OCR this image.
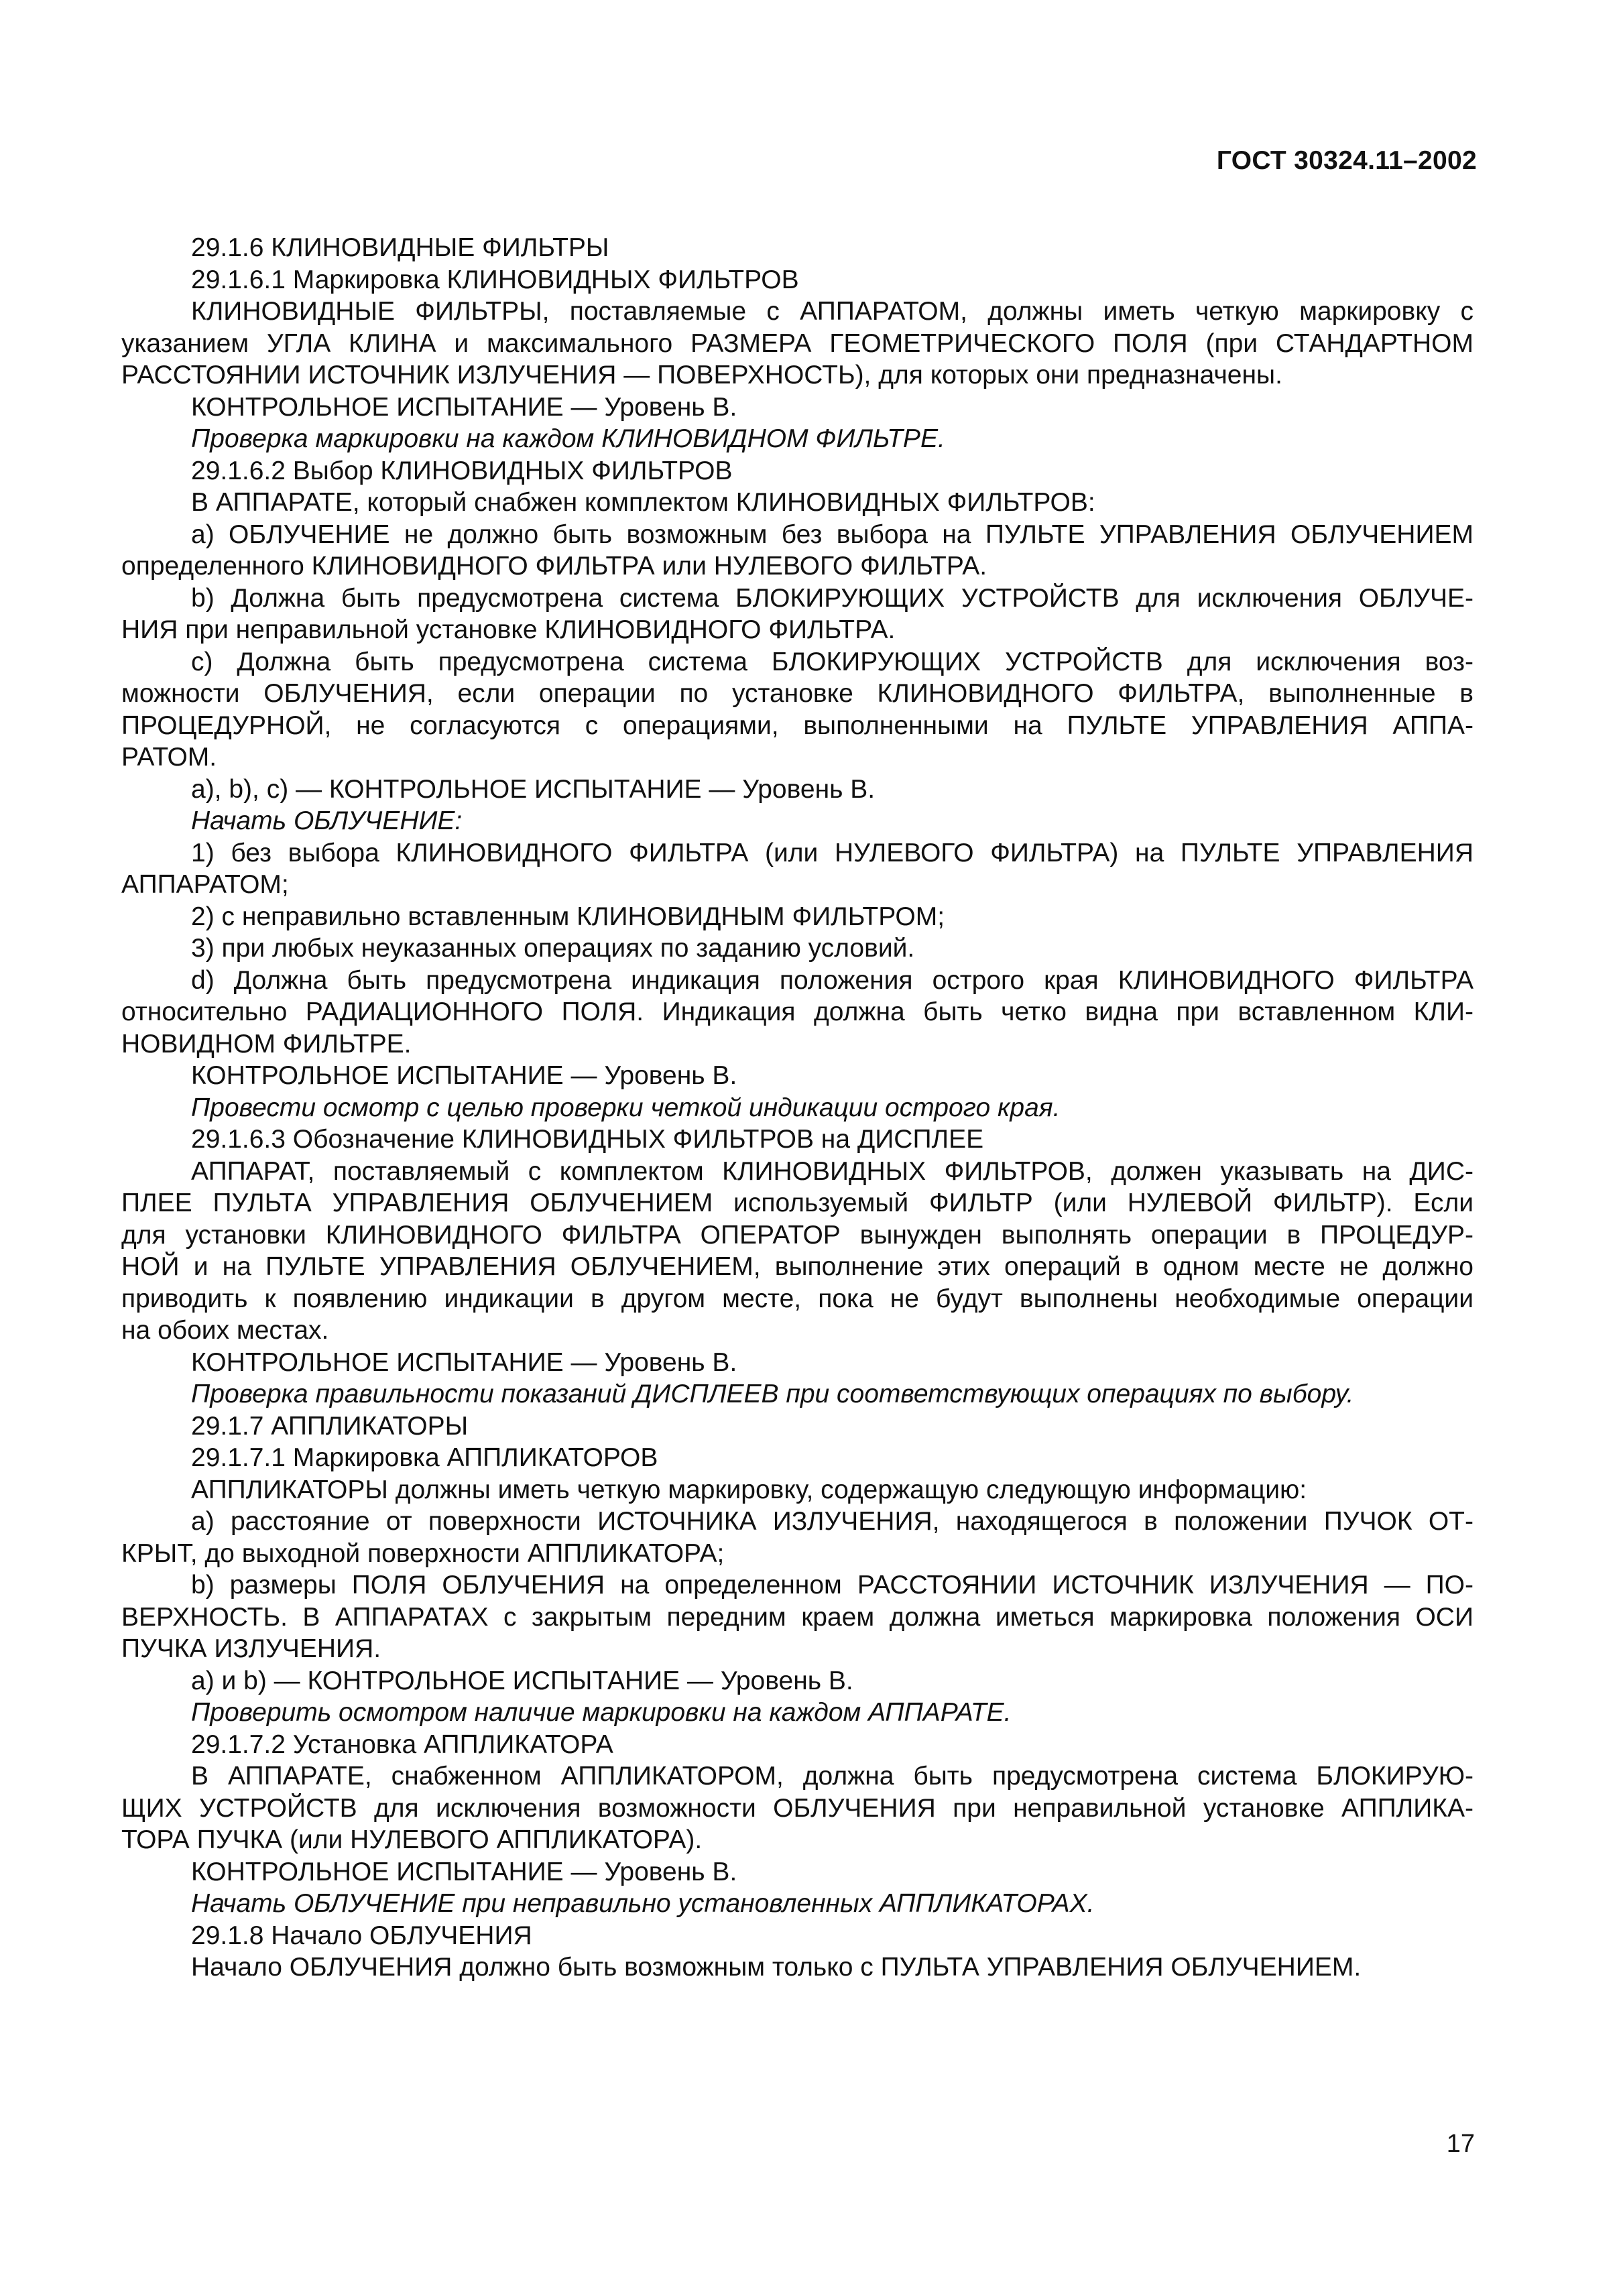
ГОСТ 30324.11–2002
29.1.6 КЛИНОВИДНЫЕ ФИЛЬТРЫ
29.1.6.1 Маркировка КЛИНОВИДНЫХ ФИЛЬТРОВ
КЛИНОВИДНЫЕ ФИЛЬТРЫ, поставляемые с АППАРАТОМ, должны иметь четкую маркировку с
указанием УГЛА КЛИНА и максимального РАЗМЕРА ГЕОМЕТРИЧЕСКОГО ПОЛЯ (при СТАНДАРТНОМ
РАССТОЯНИИ ИСТОЧНИК ИЗЛУЧЕНИЯ — ПОВЕРХНОСТЬ), для которых они предназначены.
КОНТРОЛЬНОЕ ИСПЫТАНИЕ — Уровень В.
Проверка маркировки на каждом КЛИНОВИДНОМ ФИЛЬТРЕ.
29.1.6.2 Выбор КЛИНОВИДНЫХ ФИЛЬТРОВ
В АППАРАТЕ, который снабжен комплектом КЛИНОВИДНЫХ ФИЛЬТРОВ:
а) ОБЛУЧЕНИЕ не должно быть возможным без выбора на ПУЛЬТЕ УПРАВЛЕНИЯ ОБЛУЧЕНИЕМ
определенного КЛИНОВИДНОГО ФИЛЬТРА или НУЛЕВОГО ФИЛЬТРА.
b) Должна быть предусмотрена система БЛОКИРУЮЩИХ УСТРОЙСТВ для исключения ОБЛУЧЕ-
НИЯ при неправильной установке КЛИНОВИДНОГО ФИЛЬТРА.
с) Должна быть предусмотрена система БЛОКИРУЮЩИХ УСТРОЙСТВ для исключения воз-
можности ОБЛУЧЕНИЯ, если операции по установке КЛИНОВИДНОГО ФИЛЬТРА, выполненные в
ПРОЦЕДУРНОЙ, не согласуются с операциями, выполненными на ПУЛЬТЕ УПРАВЛЕНИЯ АППА-
РАТОМ.
а), b), с) — КОНТРОЛЬНОЕ ИСПЫТАНИЕ — Уровень В.
Начать ОБЛУЧЕНИЕ:
1) без выбора КЛИНОВИДНОГО ФИЛЬТРА (или НУЛЕВОГО ФИЛЬТРА) на ПУЛЬТЕ УПРАВЛЕНИЯ
АППАРАТОМ;
2) с неправильно вставленным КЛИНОВИДНЫМ ФИЛЬТРОМ;
3) при любых неуказанных операциях по заданию условий.
d) Должна быть предусмотрена индикация положения острого края КЛИНОВИДНОГО ФИЛЬТРА
относительно РАДИАЦИОННОГО ПОЛЯ. Индикация должна быть четко видна при вставленном КЛИ-
НОВИДНОМ ФИЛЬТРЕ.
КОНТРОЛЬНОЕ ИСПЫТАНИЕ — Уровень В.
Провести осмотр с целью проверки четкой индикации острого края.
29.1.6.3 Обозначение КЛИНОВИДНЫХ ФИЛЬТРОВ на ДИСПЛЕЕ
АППАРАТ, поставляемый с комплектом КЛИНОВИДНЫХ ФИЛЬТРОВ, должен указывать на ДИС-
ПЛЕЕ ПУЛЬТА УПРАВЛЕНИЯ ОБЛУЧЕНИЕМ используемый ФИЛЬТР (или НУЛЕВОЙ ФИЛЬТР). Если
для установки КЛИНОВИДНОГО ФИЛЬТРА ОПЕРАТОР вынужден выполнять операции в ПРОЦЕДУР-
НОЙ и на ПУЛЬТЕ УПРАВЛЕНИЯ ОБЛУЧЕНИЕМ, выполнение этих операций в одном месте не должно
приводить к появлению индикации в другом месте, пока не будут выполнены необходимые операции
на обоих местах.
КОНТРОЛЬНОЕ ИСПЫТАНИЕ — Уровень В.
Проверка правильности показаний ДИСПЛЕЕВ при соответствующих операциях по выбору.
29.1.7 АППЛИКАТОРЫ
29.1.7.1 Маркировка АППЛИКАТОРОВ
АППЛИКАТОРЫ должны иметь четкую маркировку, содержащую следующую информацию:
а) расстояние от поверхности ИСТОЧНИКА ИЗЛУЧЕНИЯ, находящегося в положении ПУЧОК ОТ-
КРЫТ, до выходной поверхности АППЛИКАТОРА;
b) размеры ПОЛЯ ОБЛУЧЕНИЯ на определенном РАССТОЯНИИ ИСТОЧНИК ИЗЛУЧЕНИЯ — ПО-
ВЕРХНОСТЬ. В АППАРАТАХ с закрытым передним краем должна иметься маркировка положения ОСИ
ПУЧКА ИЗЛУЧЕНИЯ.
а) и b) — КОНТРОЛЬНОЕ ИСПЫТАНИЕ — Уровень В.
Проверить осмотром наличие маркировки на каждом АППАРАТЕ.
29.1.7.2 Установка АППЛИКАТОРА
В АППАРАТЕ, снабженном АППЛИКАТОРОМ, должна быть предусмотрена система БЛОКИРУЮ-
ЩИХ УСТРОЙСТВ для исключения возможности ОБЛУЧЕНИЯ при неправильной установке АППЛИКА-
ТОРА ПУЧКА (или НУЛЕВОГО АППЛИКАТОРА).
КОНТРОЛЬНОЕ ИСПЫТАНИЕ — Уровень В.
Начать ОБЛУЧЕНИЕ при неправильно установленных АППЛИКАТОРАХ.
29.1.8 Начало ОБЛУЧЕНИЯ
Начало ОБЛУЧЕНИЯ должно быть возможным только с ПУЛЬТА УПРАВЛЕНИЯ ОБЛУЧЕНИЕМ.
17
